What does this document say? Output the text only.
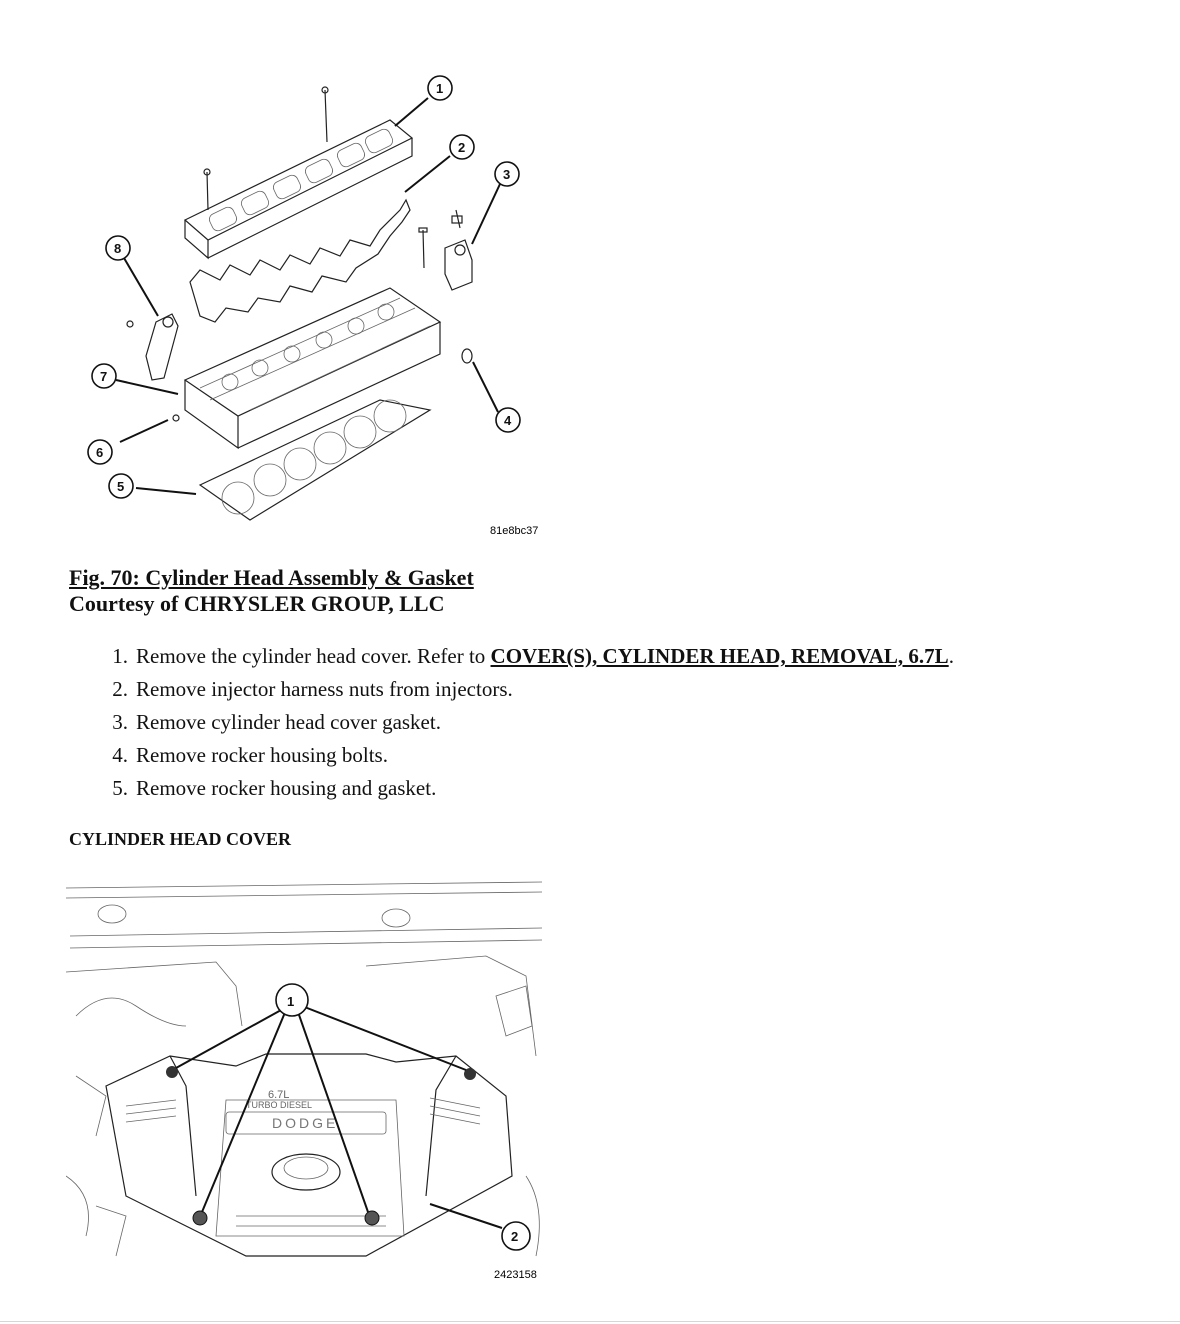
1
2
3
4
5
6
7
8
81e8bc37
Fig. 70: Cylinder Head Assembly & Gasket
Courtesy of CHRYSLER GROUP, LLC
1. Remove the cylinder head cover. Refer to COVER(S), CYLINDER HEAD, REMOVAL, 6.7L.
2. Remove injector harness nuts from injectors.
3. Remove cylinder head cover gasket.
4. Remove rocker housing bolts.
5. Remove rocker housing and gasket.
CYLINDER HEAD COVER
6.7L
TURBO DIESEL
DODGE
1
2
2423158
